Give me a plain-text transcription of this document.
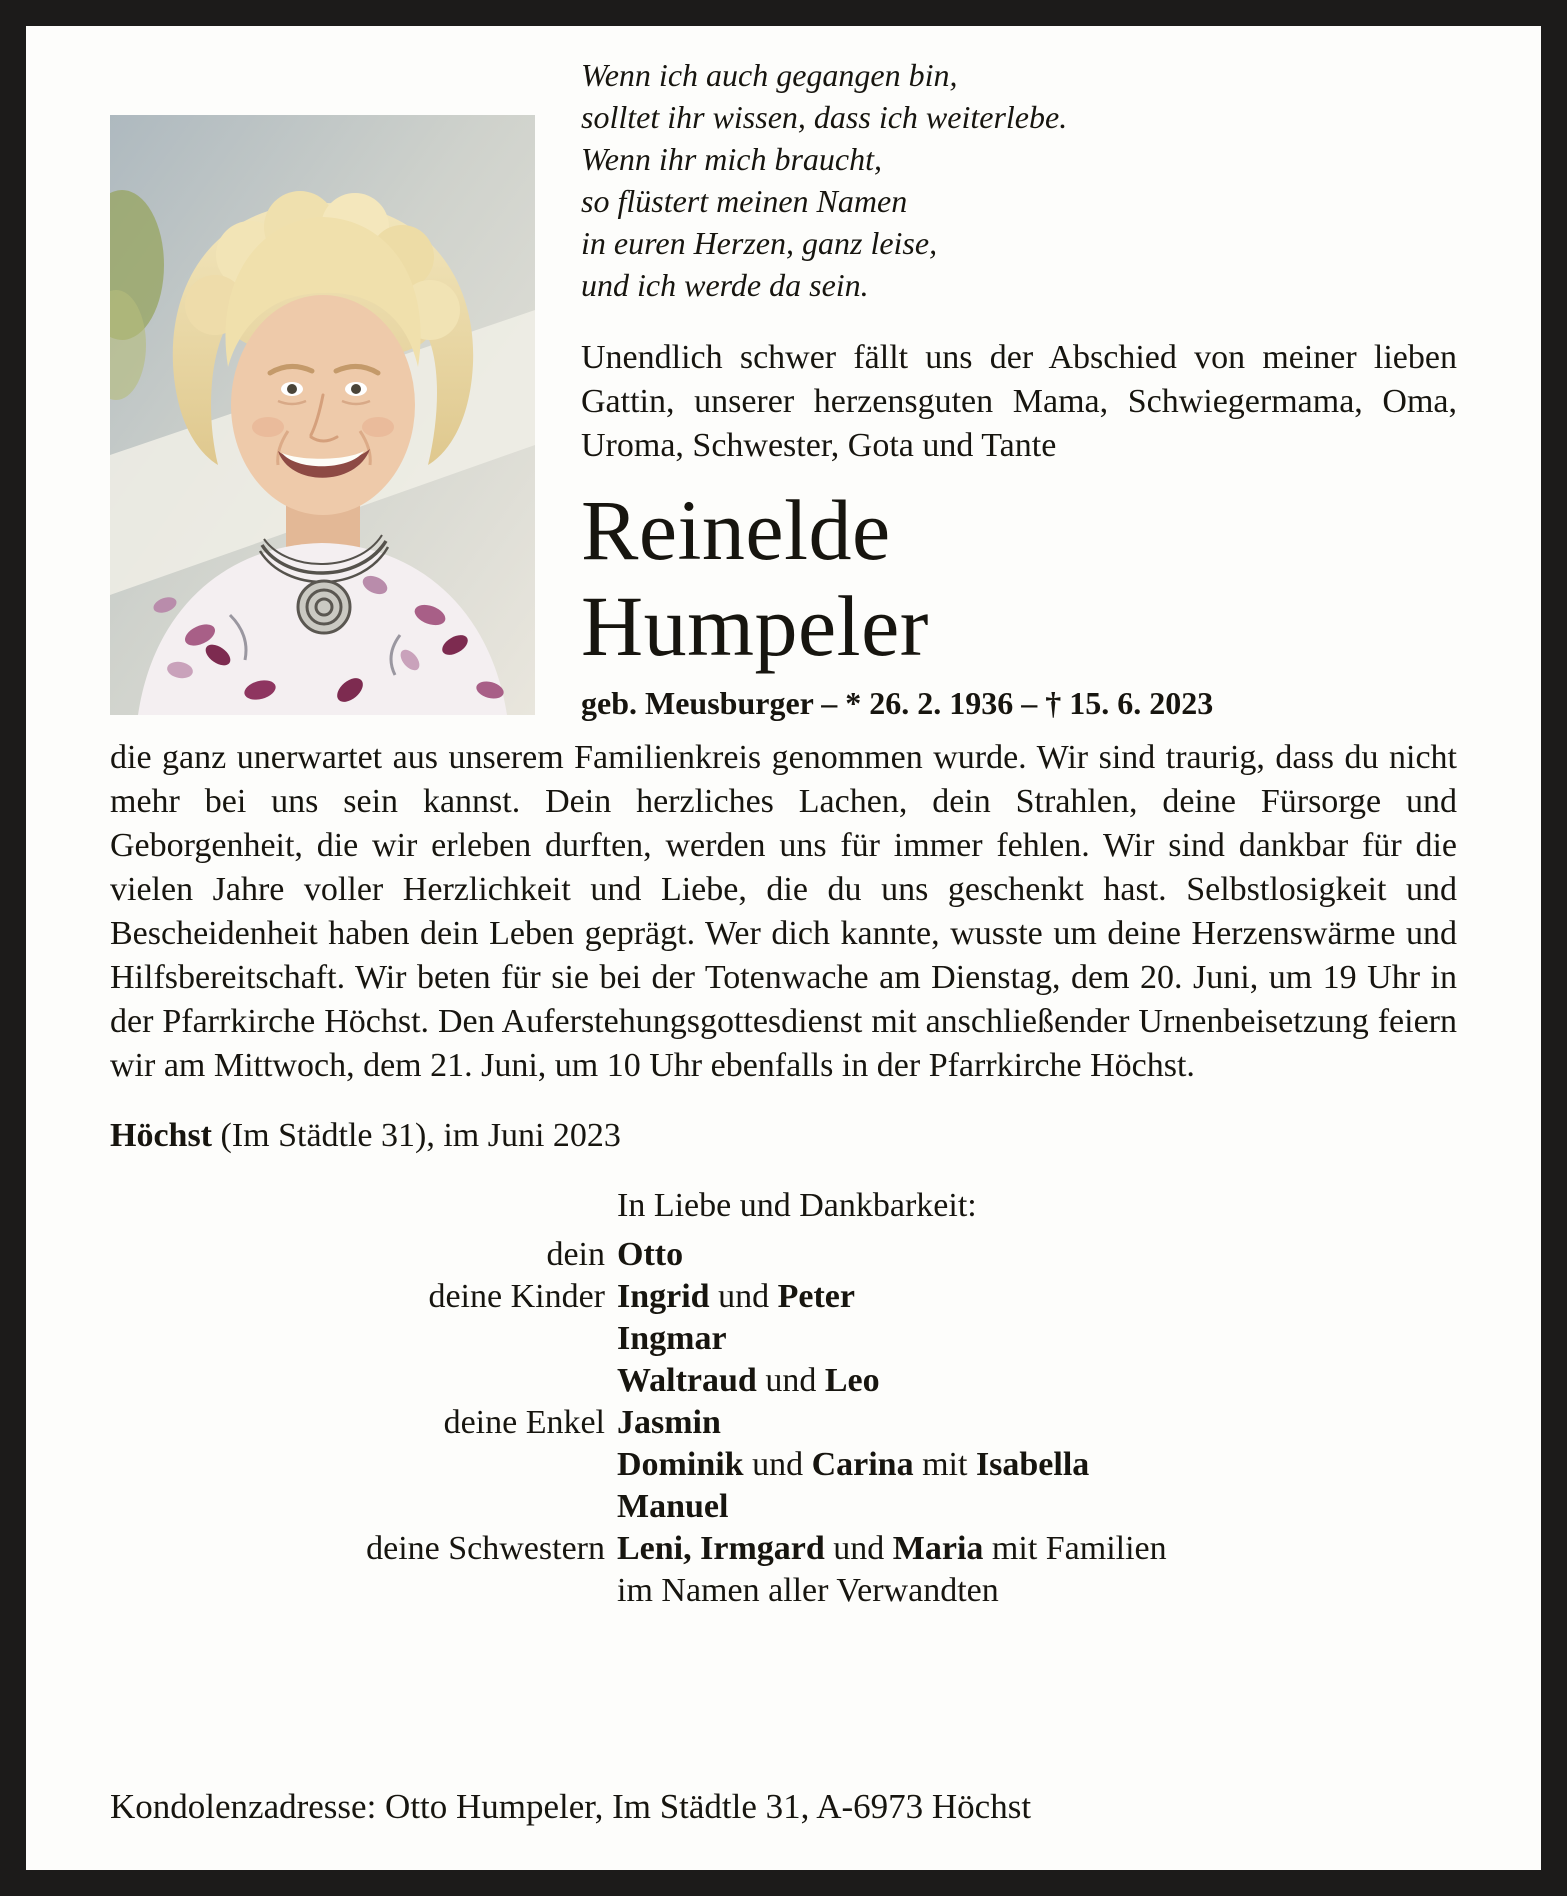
Wenn ich auch gegangen bin,
solltet ihr wissen, dass ich weiterlebe.
Wenn ihr mich braucht,
so flüstert meinen Namen
in euren Herzen, ganz leise,
und ich werde da sein.
Unendlich schwer fällt uns der Abschied von meiner lieben Gattin, unserer herzensguten Mama, Schwiegermama, Oma, Uroma, Schwester, Gota und Tante
Reinelde
Humpeler
geb. Meusburger – * 26. 2. 1936 – † 15. 6. 2023
die ganz unerwartet aus unserem Familienkreis genommen wurde. Wir sind traurig, dass du nicht mehr bei uns sein kannst. Dein herzliches Lachen, dein Strahlen, deine Fürsorge und Geborgenheit, die wir erleben durften, werden uns für immer fehlen. Wir sind dankbar für die vielen Jahre voller Herzlichkeit und Liebe, die du uns geschenkt hast. Selbstlosigkeit und Bescheidenheit haben dein Leben geprägt. Wer dich kannte, wusste um deine Herzenswärme und Hilfsbereitschaft. Wir beten für sie bei der Totenwache am Dienstag, dem 20. Juni, um 19 Uhr in der Pfarrkirche Höchst. Den Auferstehungsgottesdienst mit anschließender Urnenbeisetzung feiern wir am Mittwoch, dem 21. Juni, um 10 Uhr ebenfalls in der Pfarrkirche Höchst.
Höchst (Im Städtle 31), im Juni 2023
In Liebe und Dankbarkeit:
dein Otto
deine Kinder Ingrid und Peter
Ingmar
Waltraud und Leo
deine Enkel Jasmin
Dominik und Carina mit Isabella
Manuel
deine Schwestern Leni, Irmgard und Maria mit Familien
im Namen aller Verwandten
Kondolenzadresse: Otto Humpeler, Im Städtle 31, A-6973 Höchst
